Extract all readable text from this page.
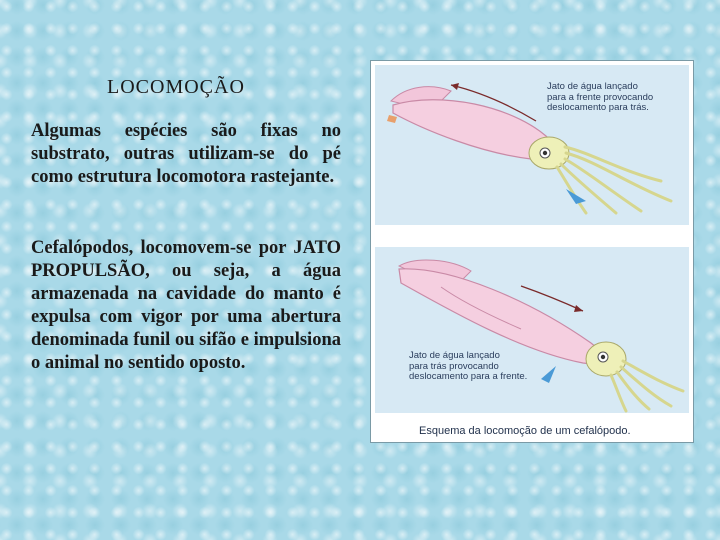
LOCOMOÇÃO
Algumas espécies são fixas no substrato, outras utilizam-se do pé como estrutura locomotora rastejante.
Cefalópodos, locomovem-se por JATO PROPULSÃO, ou seja, a água armazenada na cavidade do manto é expulsa com vigor por uma abertura denominada funil ou sifão e impulsiona o animal no sentido oposto.
Jato de água lançado
para a frente provocando
deslocamento para trás.
Jato de água lançado
para trás provocando
deslocamento para a frente.
Esquema da locomoção de um cefalópodo.
